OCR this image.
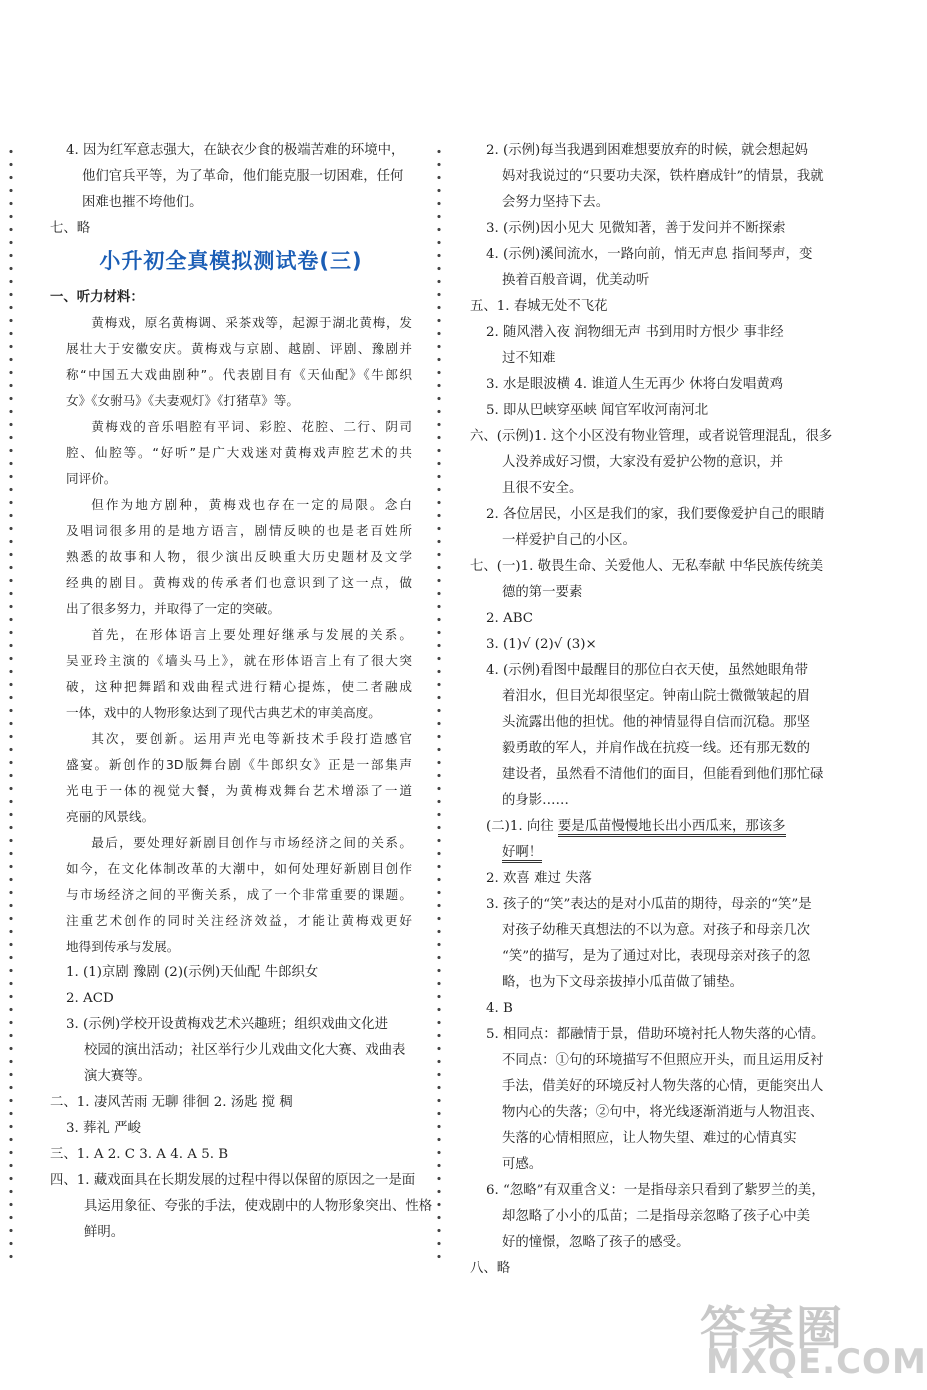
4. 因为红军意志强大，在缺衣少食的极端苦难的环境中，
他们官兵平等，为了革命，他们能克服一切困难，任何
困难也摧不垮他们。
七、略
小升初全真模拟测试卷(三)
一、听力材料：
黄梅戏，原名黄梅调、采茶戏等，起源于湖北黄梅，发
展壮大于安徽安庆。黄梅戏与京剧、越剧、评剧、豫剧并
称“中国五大戏曲剧种”。代表剧目有《天仙配》《牛郎织
女》《女驸马》《夫妻观灯》《打猪草》等。
黄梅戏的音乐唱腔有平词、彩腔、花腔、二行、阴司
腔、仙腔等。“好听”是广大戏迷对黄梅戏声腔艺术的共
同评价。
但作为地方剧种，黄梅戏也存在一定的局限。念白
及唱词很多用的是地方语言，剧情反映的也是老百姓所
熟悉的故事和人物，很少演出反映重大历史题材及文学
经典的剧目。黄梅戏的传承者们也意识到了这一点，做
出了很多努力，并取得了一定的突破。
首先，在形体语言上要处理好继承与发展的关系。
吴亚玲主演的《墙头马上》，就在形体语言上有了很大突
破，这种把舞蹈和戏曲程式进行精心提炼，使二者融成
一体，戏中的人物形象达到了现代古典艺术的审美高度。
其次，要创新。运用声光电等新技术手段打造感官
盛宴。新创作的3D版舞台剧《牛郎织女》正是一部集声
光电于一体的视觉大餐，为黄梅戏舞台艺术增添了一道
亮丽的风景线。
最后，要处理好新剧目创作与市场经济之间的关系。
如今，在文化体制改革的大潮中，如何处理好新剧目创作
与市场经济之间的平衡关系，成了一个非常重要的课题。
注重艺术创作的同时关注经济效益，才能让黄梅戏更好
地得到传承与发展。
1. (1)京剧 豫剧 (2)(示例)天仙配 牛郎织女
2. ACD
3. (示例)学校开设黄梅戏艺术兴趣班；组织戏曲文化进
校园的演出活动；社区举行少儿戏曲文化大赛、戏曲表
演大赛等。
二、1. 凄风苦雨 无聊 徘徊 2. 汤匙 搅 稠
3. 葬礼 严峻
三、1. A 2. C 3. A 4. A 5. B
四、1. 藏戏面具在长期发展的过程中得以保留的原因之一是面
具运用象征、夸张的手法，使戏剧中的人物形象突出、性格
鲜明。
2. (示例)每当我遇到困难想要放弃的时候，就会想起妈
妈对我说过的“只要功夫深，铁杵磨成针”的情景，我就
会努力坚持下去。
3. (示例)因小见大 见微知著，善于发问并不断探索
4. (示例)溪间流水，一路向前，悄无声息 指间琴声，变
换着百般音调，优美动听
五、1. 春城无处不飞花
2. 随风潜入夜 润物细无声 书到用时方恨少 事非经
过不知难
3. 水是眼波横 4. 谁道人生无再少 休将白发唱黄鸡
5. 即从巴峡穿巫峡 闻官军收河南河北
六、(示例)1. 这个小区没有物业管理，或者说管理混乱，很多
人没养成好习惯，大家没有爱护公物的意识，并
且很不安全。
2. 各位居民，小区是我们的家，我们要像爱护自己的眼睛
一样爱护自己的小区。
七、(一)1. 敬畏生命、关爱他人、无私奉献 中华民族传统美
德的第一要素
2. ABC
3. (1)√ (2)√ (3)×
4. (示例)看图中最醒目的那位白衣天使，虽然她眼角带
着泪水，但目光却很坚定。钟南山院士微微皱起的眉
头流露出他的担忧。他的神情显得自信而沉稳。那坚
毅勇敢的军人，并肩作战在抗疫一线。还有那无数的
建设者，虽然看不清他们的面目，但能看到他们那忙碌
的身影……
(二)1. 向往 要是瓜苗慢慢地长出小西瓜来，那该多
好啊！
2. 欢喜 难过 失落
3. 孩子的“笑”表达的是对小瓜苗的期待，母亲的“笑”是
对孩子幼稚天真想法的不以为意。对孩子和母亲几次
“笑”的描写，是为了通过对比，表现母亲对孩子的忽
略，也为下文母亲拔掉小瓜苗做了铺垫。
4. B
5. 相同点：都融情于景，借助环境衬托人物失落的心情。
不同点：①句的环境描写不但照应开头，而且运用反衬
手法，借美好的环境反衬人物失落的心情，更能突出人
物内心的失落；②句中，将光线逐渐消逝与人物沮丧、
失落的心情相照应，让人物失望、难过的心情真实
可感。
6. “忽略”有双重含义：一是指母亲只看到了紫罗兰的美，
却忽略了小小的瓜苗；二是指母亲忽略了孩子心中美
好的憧憬，忽略了孩子的感受。
八、略
答案圈
MXQE.COM
